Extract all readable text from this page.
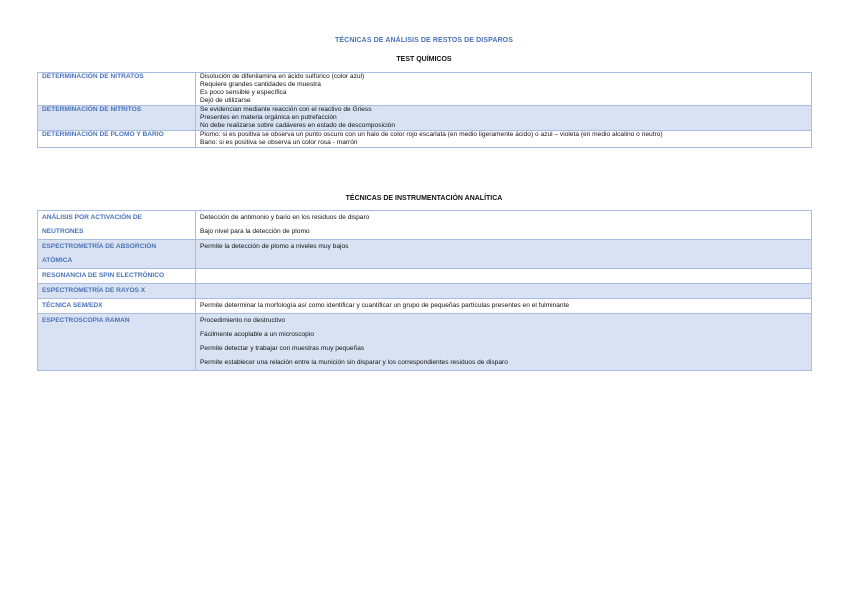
TÉCNICAS DE ANÁLISIS DE RESTOS DE DISPAROS
TEST QUÍMICOS
DETERMINACIÓN DE NITRATOS	Disolución de difenilamina en ácido sulfúrico (color azul)
Requiere grandes cantidades de muestra
Es poco sensible y específica
Dejó de utilizarse

DETERMINACIÓN DE NITRITOS	Se evidencian mediante reacción con el reactivo de Griess
Presentes en materia orgánica en putrefacción
No debe realizarse sobre cadáveres en estado de descomposición

DETERMINACIÓN DE PLOMO Y BARIO	Plomo: si es positiva se observa un punto oscuro con un halo de color rojo escarlata (en medio ligeramente ácido) o azul – violeta (en medio alcalino o neutro)
Bario: si es positiva se observa un color rosa - marrón
TÉCNICAS DE INSTRUMENTACIÓN ANALÍTICA
ANÁLISIS POR ACTIVACIÓN DE
NEUTRONES	Detección de antimonio y bario en los residuos de disparo
Bajo nivel para la detección de plomo

ESPECTROMETRÍA DE ABSORCIÓN
ATÓMICA	Permite la detección de plomo a niveles muy bajos

RESONANCIA DE SPIN ELECTRÓNICO	

ESPECTROMETRÍA DE RAYOS X	

TÉCNICA SEM/EDX	Permite determinar la morfología así como identificar y cuantificar un grupo de pequeñas partículas presentes en el fulminante

ESPECTROSCOPIA RAMAN	Procedimiento no destructivo
Fácilmente acoplable a un microscopio
Permite detectar y trabajar con muestras muy pequeñas
Permite establecer una relación entre la munición sin disparar y los correspondientes residuos de disparo
